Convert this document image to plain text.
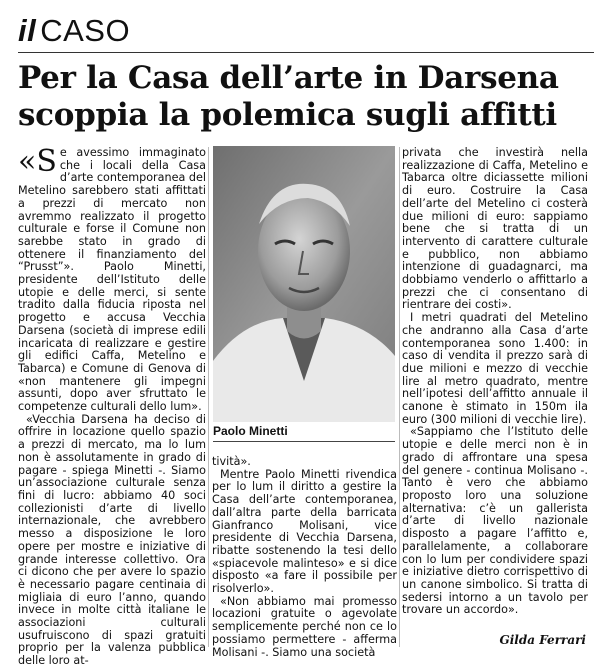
il CASO
Per la Casa dell’arte in Darsena
scoppia la polemica sugli affitti

«Se avessimo immaginato che i locali della Casa d’arte contemporanea del Metelino sarebbero stati affittati a prezzi di mercato non avremmo realizzato il progetto culturale e forse il Comune non sarebbe stato in grado di ottenere il finanziamento del “Prusst”». Paolo Minetti, presidente dell’Istituto delle utopie e delle merci, si sente tradito dalla fiducia riposta nel progetto e accusa Vecchia Darsena (società di imprese edili incaricata di realizzare e gestire gli edifici Caffa, Metelino e Tabarca) e Comune di Genova di «non mantenere gli impegni assunti, dopo aver sfruttato le competenze culturali dello lum».

«Vecchia Darsena ha deciso di offrire in locazione quello spazio a prezzi di mercato, ma lo lum non è assolutamente in grado di pagare - spiega Minetti -. Siamo un’associazione culturale senza fini di lucro: abbiamo 40 soci collezionisti d’arte di livello internazionale, che avrebbero messo a disposizione le loro opere per mostre e iniziative di grande interesse collettivo. Ora ci dicono che per avere lo spazio è necessario pagare centinaia di migliaia di euro l’anno, quando invece in molte città italiane le associazioni culturali usufruiscono di spazi gratuiti proprio per la valenza pubblica delle loro at-

Paolo Minetti

tività».

Mentre Paolo Minetti rivendica per lo lum il diritto a gestire la Casa dell’arte contemporanea, dall’altra parte della barricata Gianfranco Molisani, vice presidente di Vecchia Darsena, ribatte sostenendo la tesi dello «spiacevole malinteso» e si dice disposto «a fare il possibile per risolverlo».

«Non abbiamo mai promesso locazioni gratuite o agevolate semplicemente perché non ce lo possiamo permettere - afferma Molisani -. Siamo una società

privata che investirà nella realizzazione di Caffa, Metelino e Tabarca oltre diciassette milioni di euro. Costruire la Casa dell’arte del Metelino ci costerà due milioni di euro: sappiamo bene che si tratta di un intervento di carattere culturale e pubblico, non abbiamo intenzione di guadagnarci, ma dobbiamo venderlo o affittarlo a prezzi che ci consentano di rientrare dei costi».

I metri quadrati del Metelino che andranno alla Casa d’arte contemporanea sono 1.400: in caso di vendita il prezzo sarà di due milioni e mezzo di vecchie lire al metro quadrato, mentre nell’ipotesi dell’affitto annuale il canone è stimato in 150m ila euro (300 milioni di vecchie lire).

«Sappiamo che l’Istituto delle utopie e delle merci non è in grado di affrontare una spesa del genere - continua Molisano -. Tanto è vero che abbiamo proposto loro una soluzione alternativa: c’è un gallerista d’arte di livello nazionale disposto a pagare l’affitto e, parallelamente, a collaborare con lo lum per condividere spazi e iniziative dietro corrispettivo di un canone simbolico. Si tratta di sedersi intorno a un tavolo per trovare un accordo».

Gilda Ferrari
